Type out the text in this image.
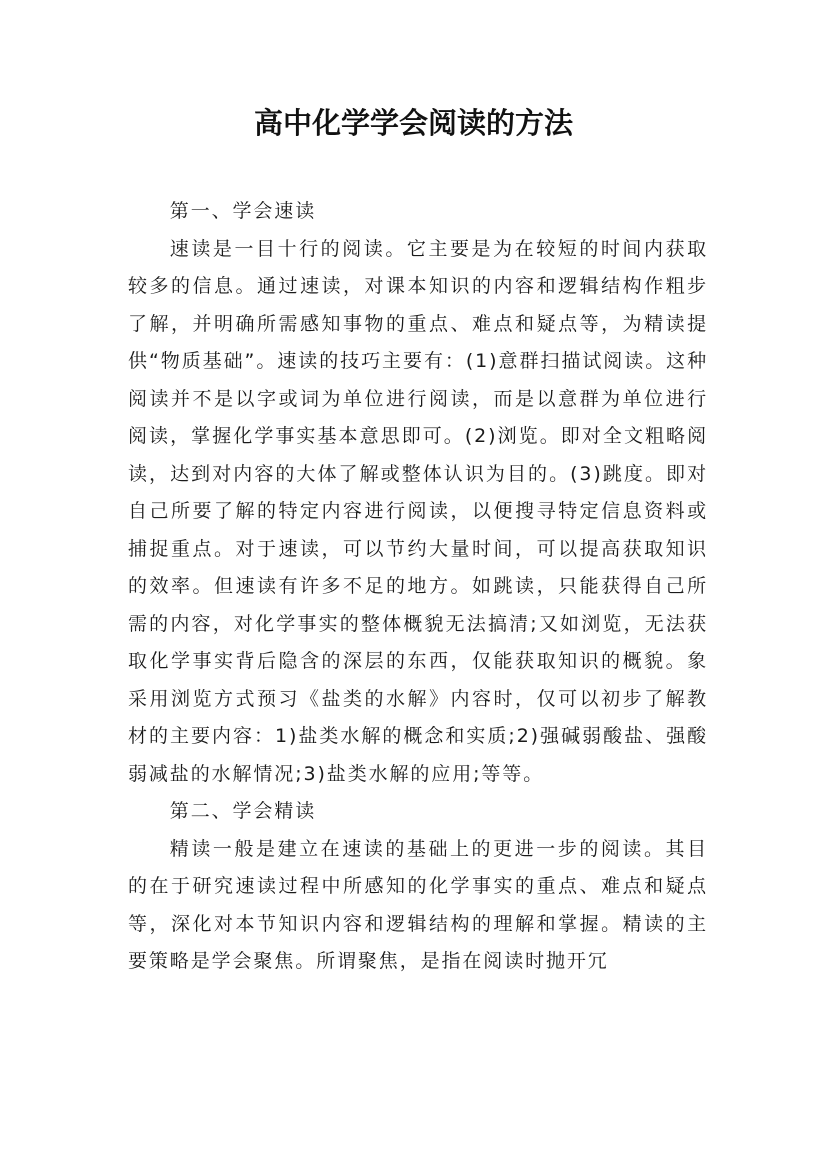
高中化学学会阅读的方法

第一、学会速读

速读是一目十行的阅读。它主要是为在较短的时间内获取较多的信息。通过速读，对课本知识的内容和逻辑结构作粗步了解，并明确所需感知事物的重点、难点和疑点等，为精读提供“物质基础”。速读的技巧主要有：(1)意群扫描试阅读。这种阅读并不是以字或词为单位进行阅读，而是以意群为单位进行阅读，掌握化学事实基本意思即可。(2)浏览。即对全文粗略阅读，达到对内容的大体了解或整体认识为目的。(3)跳度。即对自己所要了解的特定内容进行阅读，以便搜寻特定信息资料或捕捉重点。对于速读，可以节约大量时间，可以提高获取知识的效率。但速读有许多不足的地方。如跳读，只能获得自己所需的内容，对化学事实的整体概貌无法搞清;又如浏览，无法获取化学事实背后隐含的深层的东西，仅能获取知识的概貌。象采用浏览方式预习《盐类的水解》内容时，仅可以初步了解教材的主要内容：1)盐类水解的概念和实质;2)强碱弱酸盐、强酸弱减盐的水解情况;3)盐类水解的应用;等等。

第二、学会精读

精读一般是建立在速读的基础上的更进一步的阅读。其目的在于研究速读过程中所感知的化学事实的重点、难点和疑点等，深化对本节知识内容和逻辑结构的理解和掌握。精读的主要策略是学会聚焦。所谓聚焦，是指在阅读时抛开冗
